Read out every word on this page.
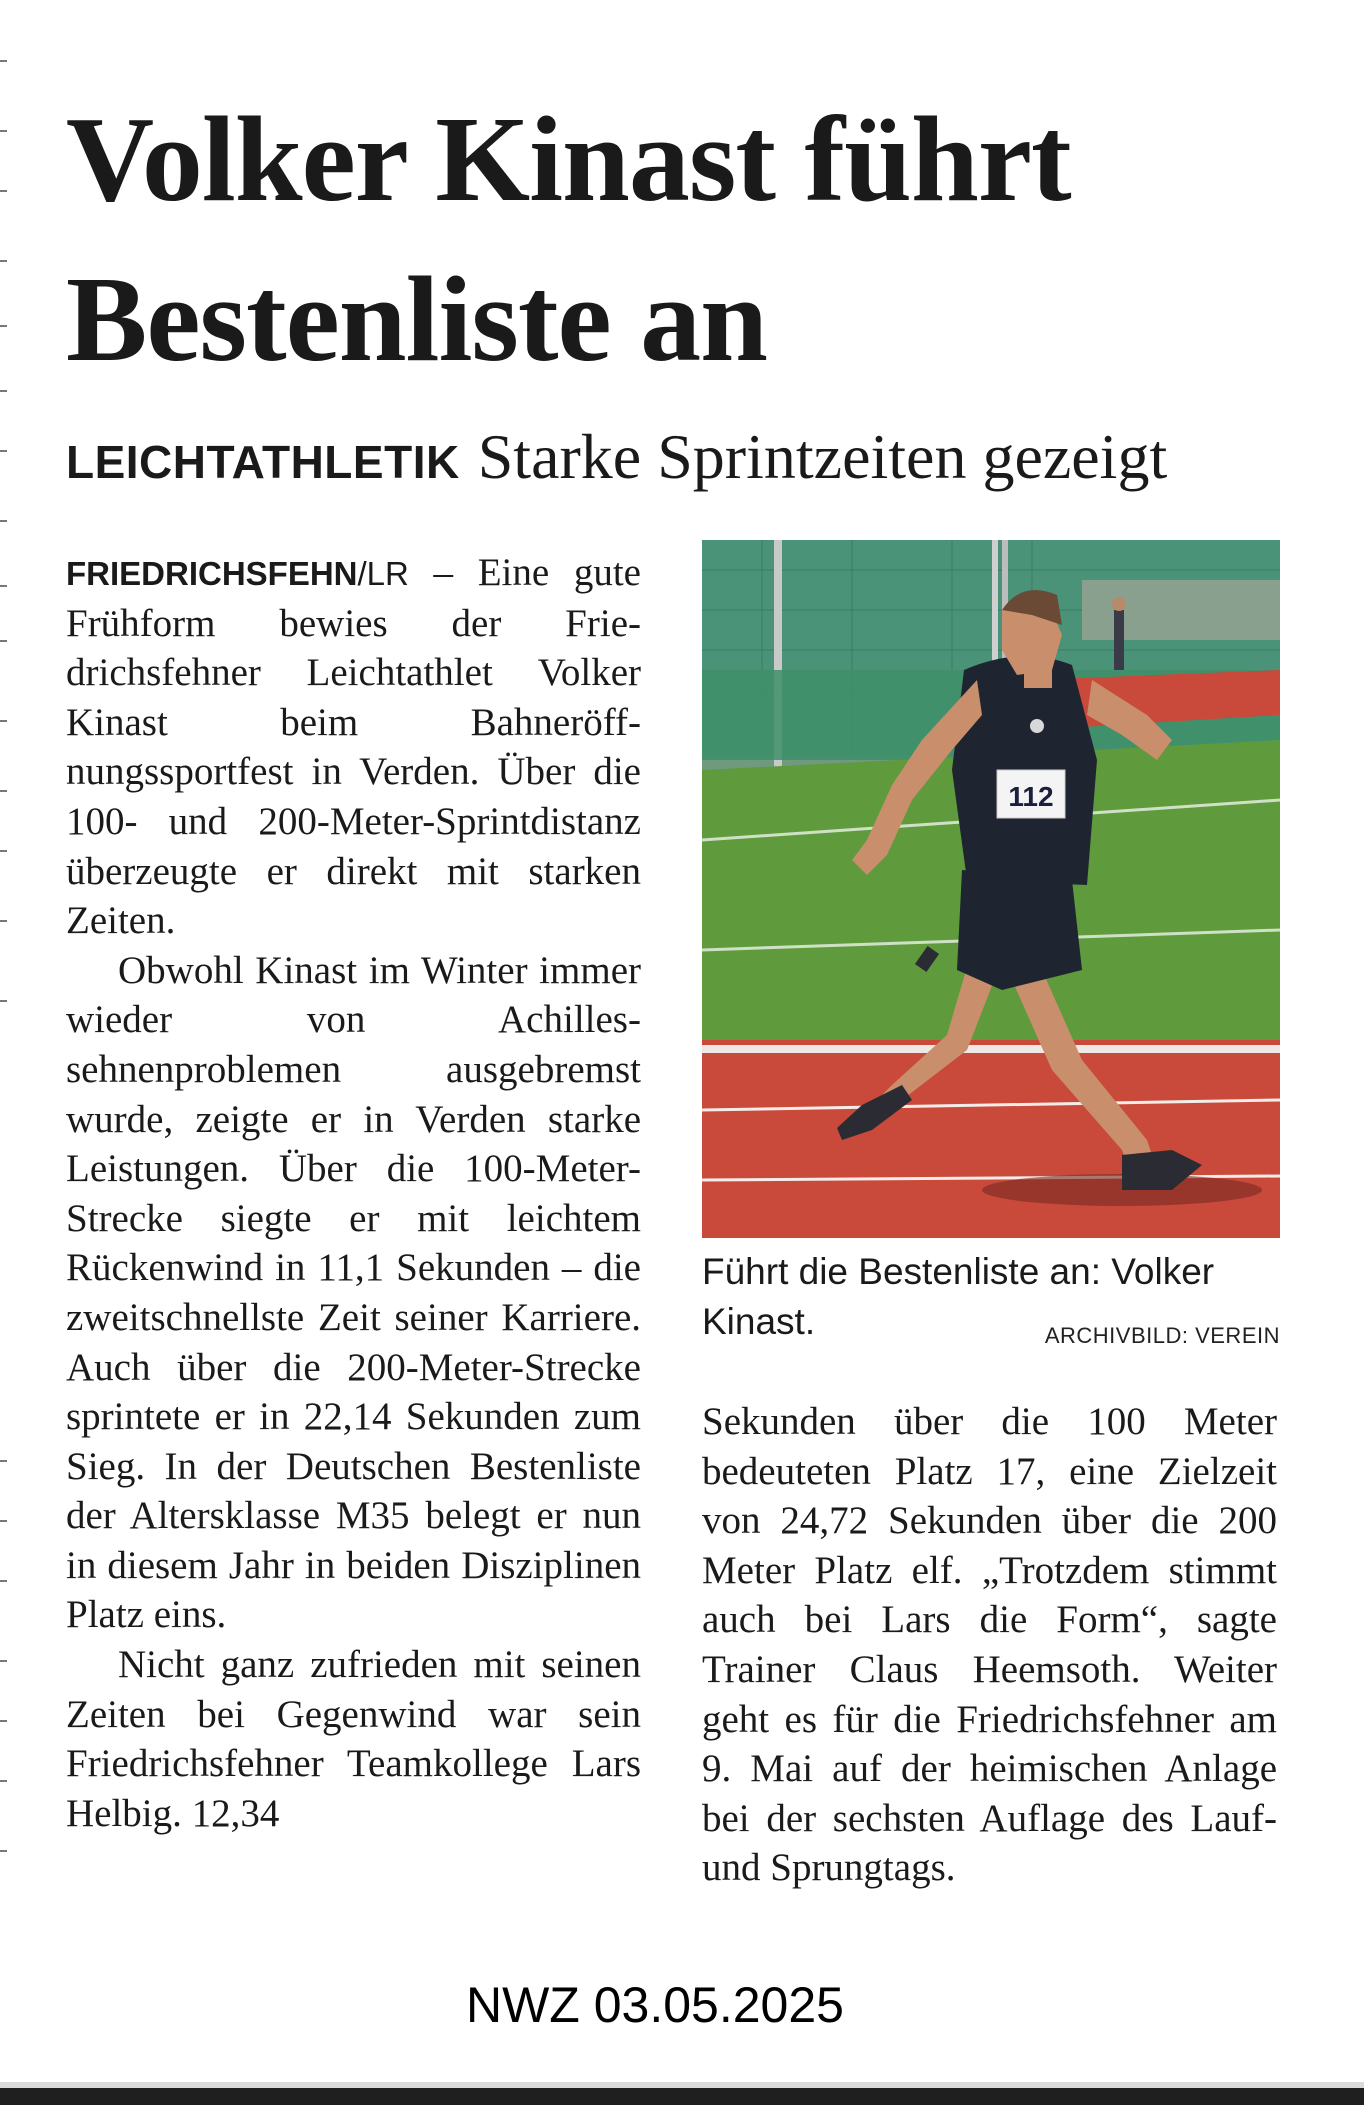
Volker Kinast führt
Bestenliste an
LEICHTATHLETIK Starke Sprintzeiten gezeigt

FRIEDRICHSFEHN/LR – Eine gute Frühform bewies der Friedrichsfehner Leichtathlet Volker Kinast beim Bahneröffnungssportfest in Verden. Über die 100- und 200-Meter-Sprintdistanz überzeugte er direkt mit starken Zeiten.

Obwohl Kinast im Winter immer wieder von Achillessehnenproblemen ausgebremst wurde, zeigte er in Verden starke Leistungen. Über die 100-Meter-Strecke siegte er mit leichtem Rückenwind in 11,1 Sekunden – die zweitschnellste Zeit seiner Karriere. Auch über die 200-Meter-Strecke sprintete er in 22,14 Sekunden zum Sieg. In der Deutschen Bestenliste der Altersklasse M35 belegt er nun in diesem Jahr in beiden Disziplinen Platz eins.

Nicht ganz zufrieden mit seinen Zeiten bei Gegenwind war sein Friedrichsfehner Teamkollege Lars Helbig. 12,34

112
Führt die Bestenliste an: Volker Kinast.	ARCHIVBILD: VEREIN

Sekunden über die 100 Meter bedeuteten Platz 17, eine Zielzeit von 24,72 Sekunden über die 200 Meter Platz elf. „Trotzdem stimmt auch bei Lars die Form“, sagte Trainer Claus Heemsoth. Weiter geht es für die Friedrichsfehner am 9. Mai auf der heimischen Anlage bei der sechsten Auflage des Lauf- und Sprungtags.

NWZ 03.05.2025
